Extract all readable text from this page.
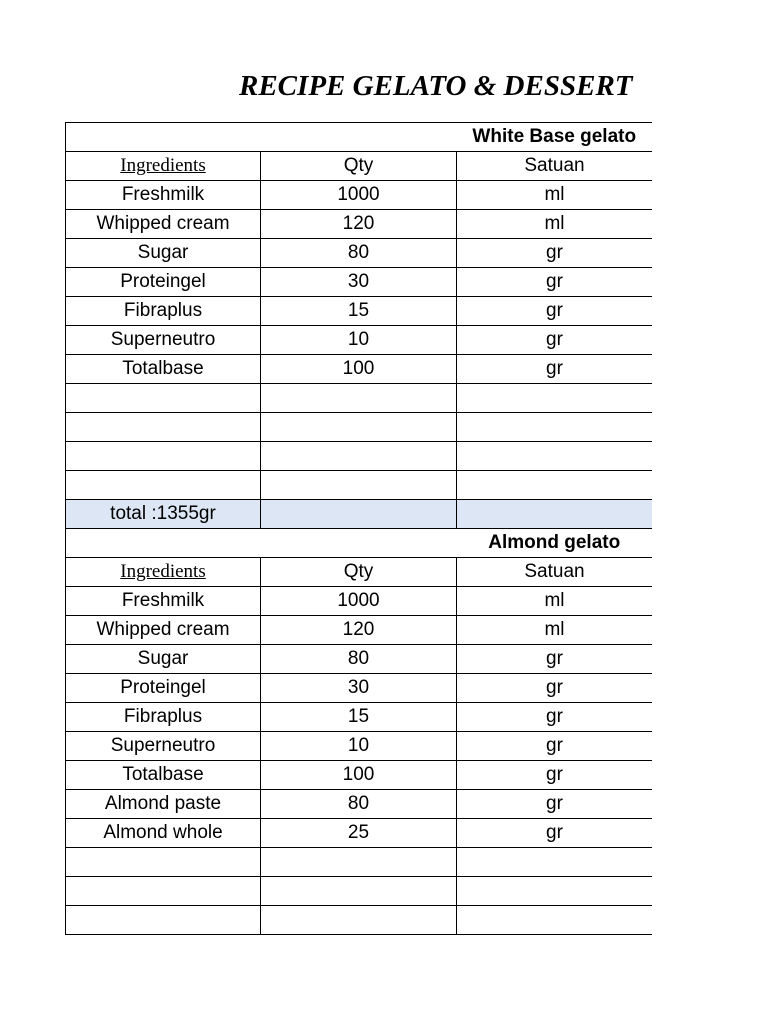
RECIPE GELATO & DESSERT
		White Base gelato
Ingredients	Qty	Satuan
Freshmilk	1000	ml
Whipped cream	120	ml
Sugar	80	gr
Proteingel	30	gr
Fibraplus	15	gr
Superneutro	10	gr
Totalbase	100	gr

total :1355gr		
		Almond gelato
Ingredients	Qty	Satuan
Freshmilk	1000	ml
Whipped cream	120	ml
Sugar	80	gr
Proteingel	30	gr
Fibraplus	15	gr
Superneutro	10	gr
Totalbase	100	gr
Almond paste	80	gr
Almond whole	25	gr
